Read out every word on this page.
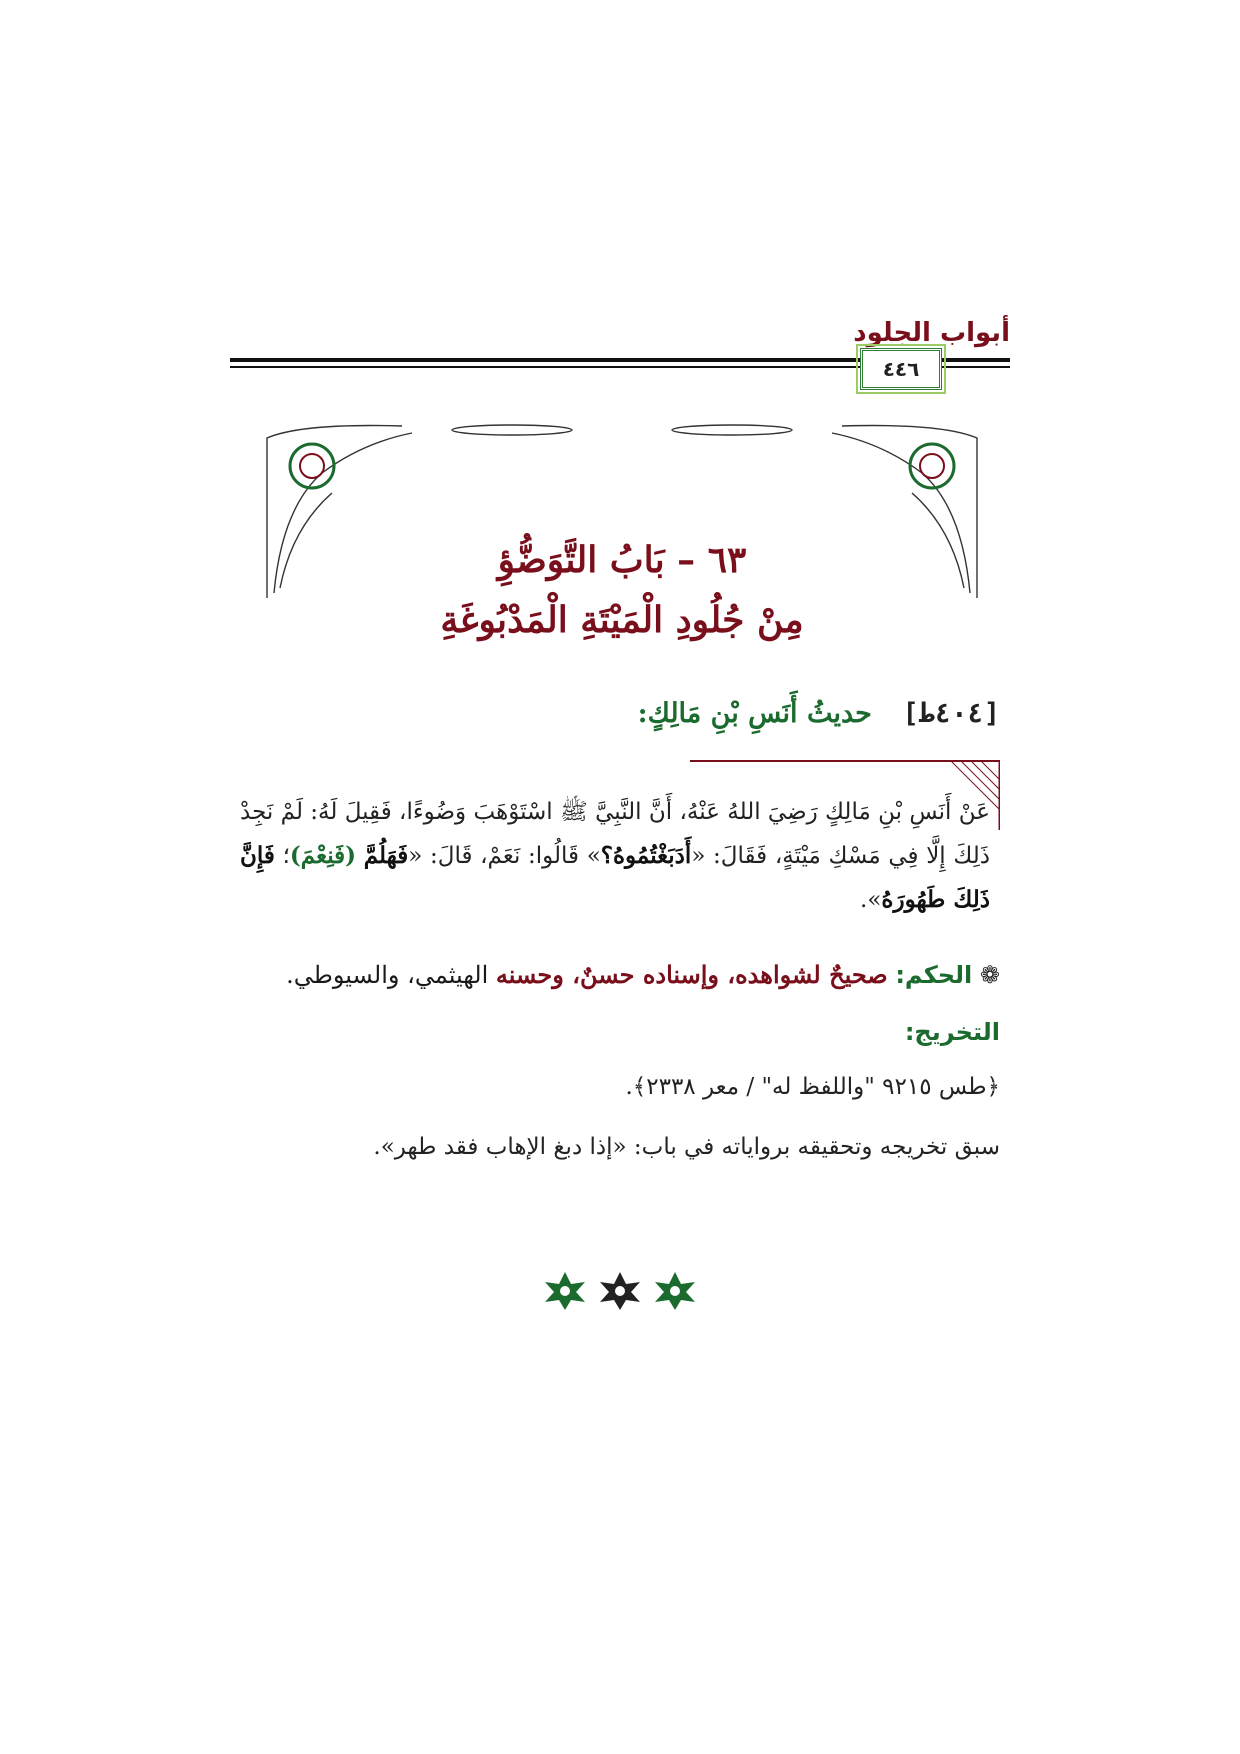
أبواب الجلود
٤٤٦
٦٣ – بَابُ التَّوَضُّؤِ
مِنْ جُلُودِ الْمَيْتَةِ الْمَدْبُوغَةِ
[٤٠٤ط] حديثُ أَنَسِ بْنِ مَالِكٍ:
عَنْ أَنَسِ بْنِ مَالِكٍ رَضِيَ اللهُ عَنْهُ، أَنَّ النَّبِيَّ ﷺ اسْتَوْهَبَ وَضُوءًا، فَقِيلَ لَهُ: لَمْ نَجِدْ ذَلِكَ إِلَّا فِي مَسْكِ مَيْتَةٍ، فَقَالَ: «أَدَبَغْتُمُوهُ؟» قَالُوا: نَعَمْ، قَالَ: «فَهَلُمَّ (فَنِعْمَ)؛ فَإِنَّ ذَلِكَ طَهُورَهُ».
❁ الحكم: صحيحٌ لشواهده، وإسناده حسنٌ، وحسنه الهيثمي، والسيوطي.
التخريج:
﴿طس ٩٢١٥ "واللفظ له" / معر ٢٣٣٨﴾.
سبق تخريجه وتحقيقه برواياته في باب: «إذا دبغ الإهاب فقد طهر».
